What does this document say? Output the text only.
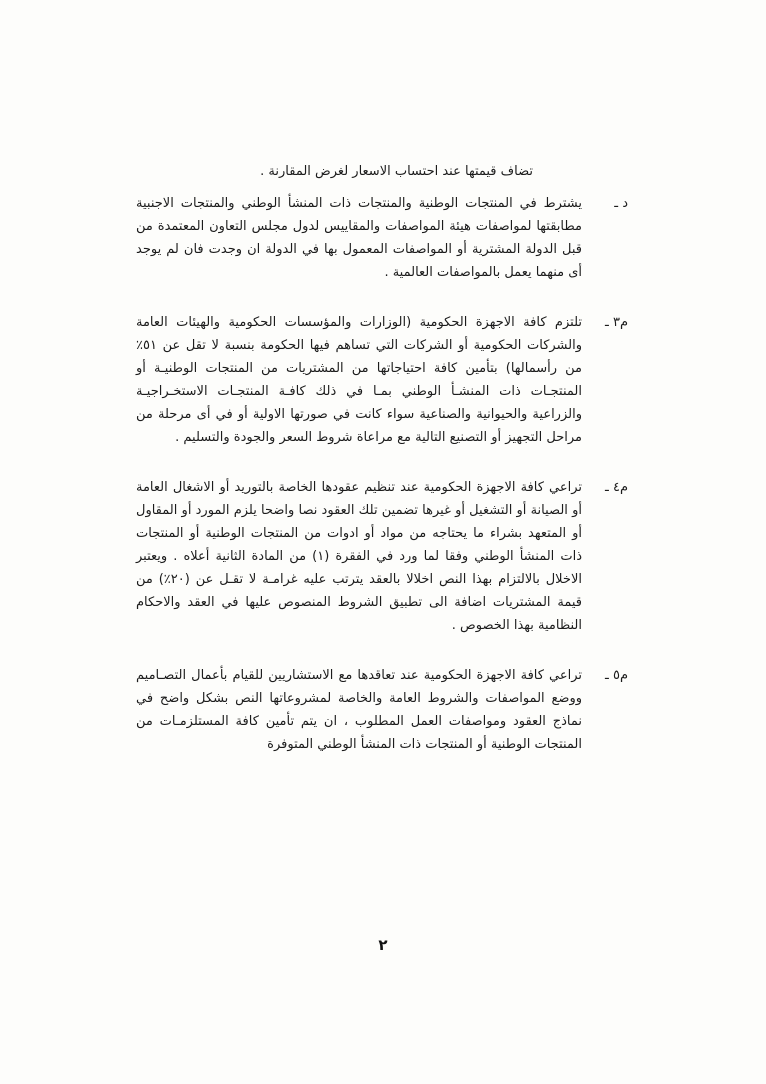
تضاف قيمتها عند احتساب الاسعار لغرض المقارنة .
د ـ
يشترط في المنتجات الوطنية والمنتجات ذات المنشأ الوطني والمنتجات الاجنبية مطابقتها لمواصفات هيئة المواصفات والمقاييس لدول مجلس التعاون المعتمدة من قبل الدولة المشترية أو المواصفات المعمول بها في الدولة ان وجدت فان لم يوجد أى منهما يعمل بالمواصفات العالمية .
م٣ ـ
تلتزم كافة الاجهزة الحكومية (الوزارات والمؤسسات الحكومية والهيئات العامة والشركات الحكومية أو الشركات التي تساهم فيها الحكومة بنسبة لا تقل عن ٥١٪ من رأسمالها) بتأمين كافة احتياجاتها من المشتريات من المنتجات الوطنيـة أو المنتجـات ذات المنشـأ الوطني بمـا في ذلك كافـة المنتجـات الاستخـراجيـة والزراعية والحيوانية والصناعية سواء كانت في صورتها الاولية أو في أى مرحلة من مراحل التجهيز أو التصنيع التالية مع مراعاة شروط السعر والجودة والتسليم .
م٤ ـ
تراعي كافة الاجهزة الحكومية عند تنظيم عقودها الخاصة بالتوريد أو الاشغال العامة أو الصيانة أو التشغيل أو غيرها تضمين تلك العقود نصا واضحا يلزم المورد أو المقاول أو المتعهد بشراء ما يحتاجه من مواد أو ادوات من المنتجات الوطنية أو المنتجات ذات المنشأ الوطني وفقا لما ورد في الفقرة (١) من المادة الثانية أعلاه . ويعتبر الاخلال بالالتزام بهذا النص اخلالا بالعقد يترتب عليه غرامـة لا تقـل عن (٢٠٪) من قيمة المشتريات اضافة الى تطبيق الشروط المنصوص عليها في العقد والاحكام النظامية بهذا الخصوص .
م٥ ـ
تراعي كافة الاجهزة الحكومية عند تعاقدها مع الاستشاريين للقيام بأعمال التصـاميم ووضع المواصفات والشروط العامة والخاصة لمشروعاتها النص بشكل واضح في نماذج العقود ومواصفات العمل المطلوب ، ان يتم تأمين كافة المستلزمـات من المنتجات الوطنية أو المنتجات ذات المنشأ الوطني المتوفرة
٢
